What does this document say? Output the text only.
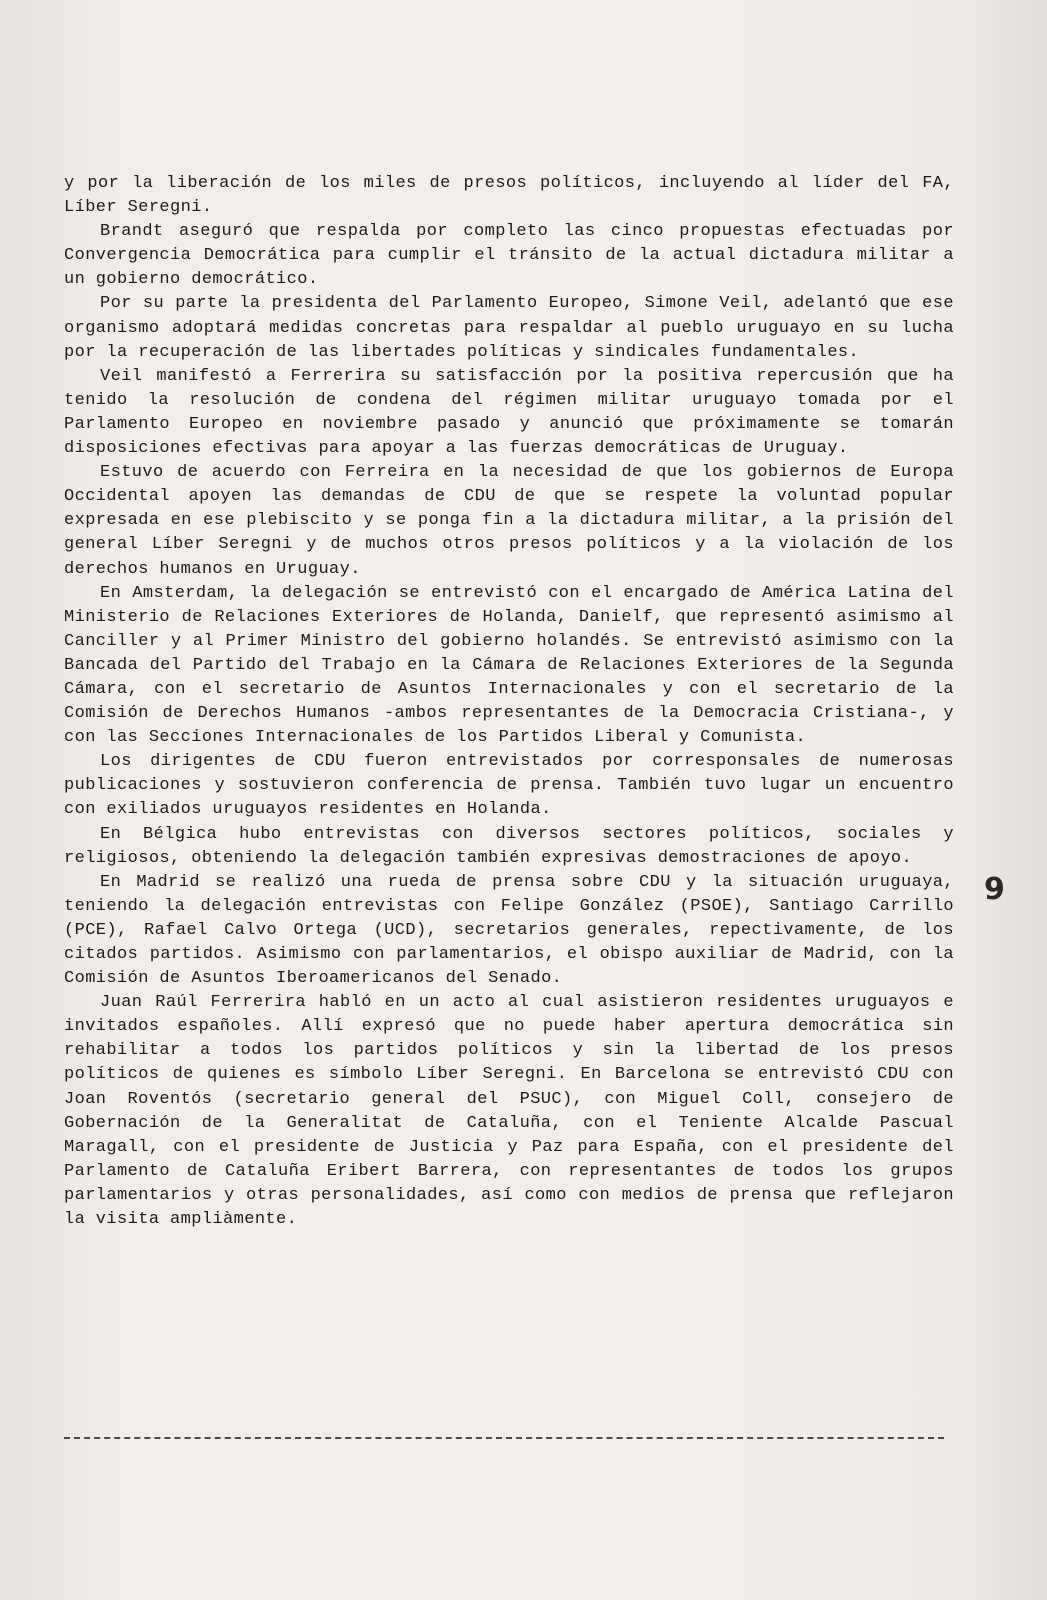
y por la liberación de los miles de presos políticos, incluyendo al líder del FA, Líber Seregni.

Brandt aseguró que respalda por completo las cinco propuestas efectuadas por Convergencia Democrática para cumplir el tránsito de la actual dictadura militar a un gobierno democrático.

Por su parte la presidenta del Parlamento Europeo, Simone Veil, adelantó que ese organismo adoptará medidas concretas para respaldar al pueblo uruguayo en su lucha por la recuperación de las libertades políticas y sindicales fundamentales.

Veil manifestó a Ferrerira su satisfacción por la positiva repercusión que ha tenido la resolución de condena del régimen militar uruguayo tomada por el Parlamento Europeo en noviembre pasado y anunció que próximamente se tomarán disposiciones efectivas para apoyar a las fuerzas democráticas de Uruguay.

Estuvo de acuerdo con Ferreira en la necesidad de que los gobiernos de Europa Occidental apoyen las demandas de CDU de que se respete la voluntad popular expresada en ese plebiscito y se ponga fin a la dictadura militar, a la prisión del general Líber Seregni y de muchos otros presos políticos y a la violación de los derechos humanos en Uruguay.

En Amsterdam, la delegación se entrevistó con el encargado de América Latina del Ministerio de Relaciones Exteriores de Holanda, Danielf, que representó asimismo al Canciller y al Primer Ministro del gobierno holandés. Se entrevistó asimismo con la Bancada del Partido del Trabajo en la Cámara de Relaciones Exteriores de la Segunda Cámara, con el secretario de Asuntos Internacionales y con el secretario de la Comisión de Derechos Humanos -ambos representantes de la Democracia Cristiana-, y con las Secciones Internacionales de los Partidos Liberal y Comunista.

Los dirigentes de CDU fueron entrevistados por corresponsales de numerosas publicaciones y sostuvieron conferencia de prensa. También tuvo lugar un encuentro con exiliados uruguayos residentes en Holanda.

En Bélgica hubo entrevistas con diversos sectores políticos, sociales y religiosos, obteniendo la delegación también expresivas demostraciones de apoyo.

En Madrid se realizó una rueda de prensa sobre CDU y la situación uruguaya, teniendo la delegación entrevistas con Felipe González (PSOE), Santiago Carrillo (PCE), Rafael Calvo Ortega (UCD), secretarios generales, repectivamente, de los citados partidos. Asimismo con parlamentarios, el obispo auxiliar de Madrid, con la Comisión de Asuntos Iberoamericanos del Senado.

Juan Raúl Ferrerira habló en un acto al cual asistieron residentes uruguayos e invitados españoles. Allí expresó que no puede haber apertura democrática sin rehabilitar a todos los partidos políticos y sin la libertad de los presos políticos de quienes es símbolo Líber Seregni. En Barcelona se entrevistó CDU con Joan Roventós (secretario general del PSUC), con Miguel Coll, consejero de Gobernación de la Generalitat de Cataluña, con el Teniente Alcalde Pascual Maragall, con el presidente de Justicia y Paz para España, con el presidente del Parlamento de Cataluña Eribert Barrera, con representantes de todos los grupos parlamentarios y otras personalidades, así como con medios de prensa que reflejaron la visita ampliàmente.

9
